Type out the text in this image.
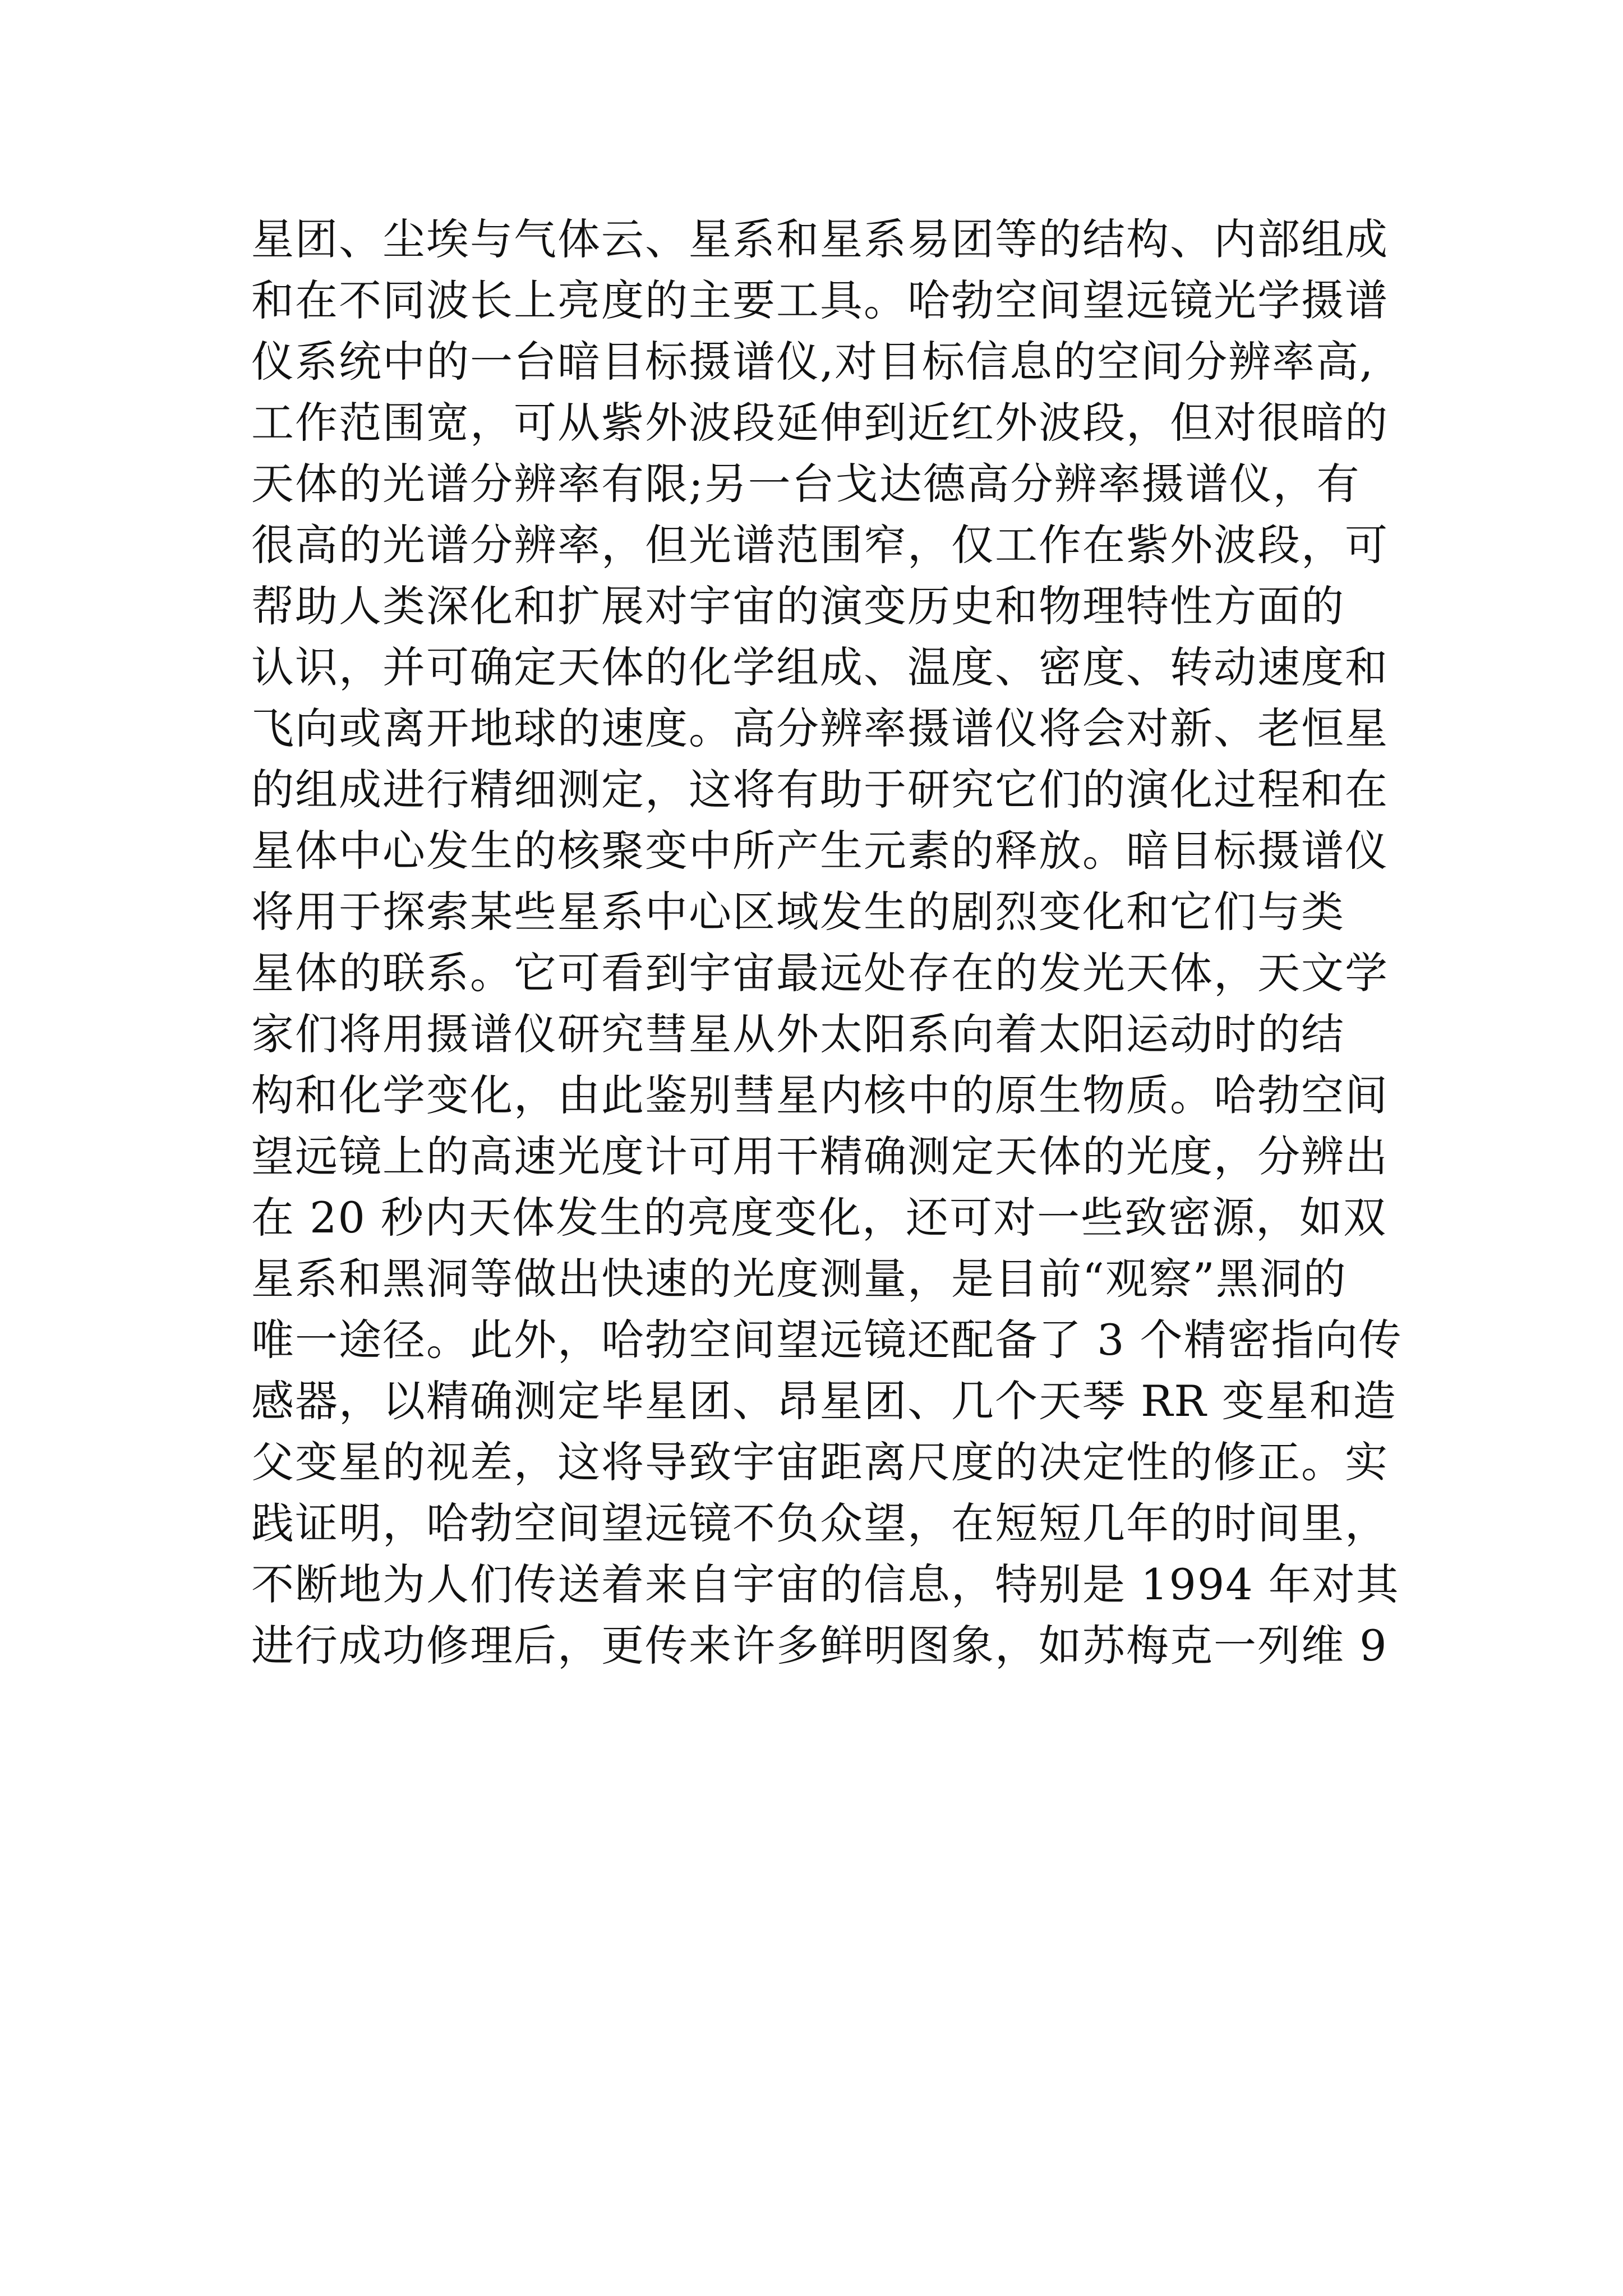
星团、尘埃与气体云、星系和星系易团等的结构、内部组成
和在不同波长上亮度的主要工具。哈勃空间望远镜光学摄谱
仪系统中的一台暗目标摄谱仪,对目标信息的空间分辨率高,
工作范围宽，可从紫外波段延伸到近红外波段，但对很暗的
天体的光谱分辨率有限;另一台戈达德高分辨率摄谱仪，有
很高的光谱分辨率，但光谱范围窄，仅工作在紫外波段，可
帮助人类深化和扩展对宇宙的演变历史和物理特性方面的
认识，并可确定天体的化学组成、温度、密度、转动速度和
飞向或离开地球的速度。高分辨率摄谱仪将会对新、老恒星
的组成进行精细测定，这将有助于研究它们的演化过程和在
星体中心发生的核聚变中所产生元素的释放。暗目标摄谱仪
将用于探索某些星系中心区域发生的剧烈变化和它们与类
星体的联系。它可看到宇宙最远处存在的发光天体，天文学
家们将用摄谱仪研究彗星从外太阳系向着太阳运动时的结
构和化学变化，由此鉴别彗星内核中的原生物质。哈勃空间
望远镜上的高速光度计可用干精确测定天体的光度，分辨出
在 20 秒内天体发生的亮度变化，还可对一些致密源，如双
星系和黑洞等做出快速的光度测量，是目前“观察”黑洞的
唯一途径。此外，哈勃空间望远镜还配备了 3 个精密指向传
感器，以精确测定毕星团、昂星团、几个天琴 RR 变星和造
父变星的视差，这将导致宇宙距离尺度的决定性的修正。实
践证明，哈勃空间望远镜不负众望，在短短几年的时间里，
不断地为人们传送着来自宇宙的信息，特别是 1994 年对其
进行成功修理后，更传来许多鲜明图象，如苏梅克一列维 9
